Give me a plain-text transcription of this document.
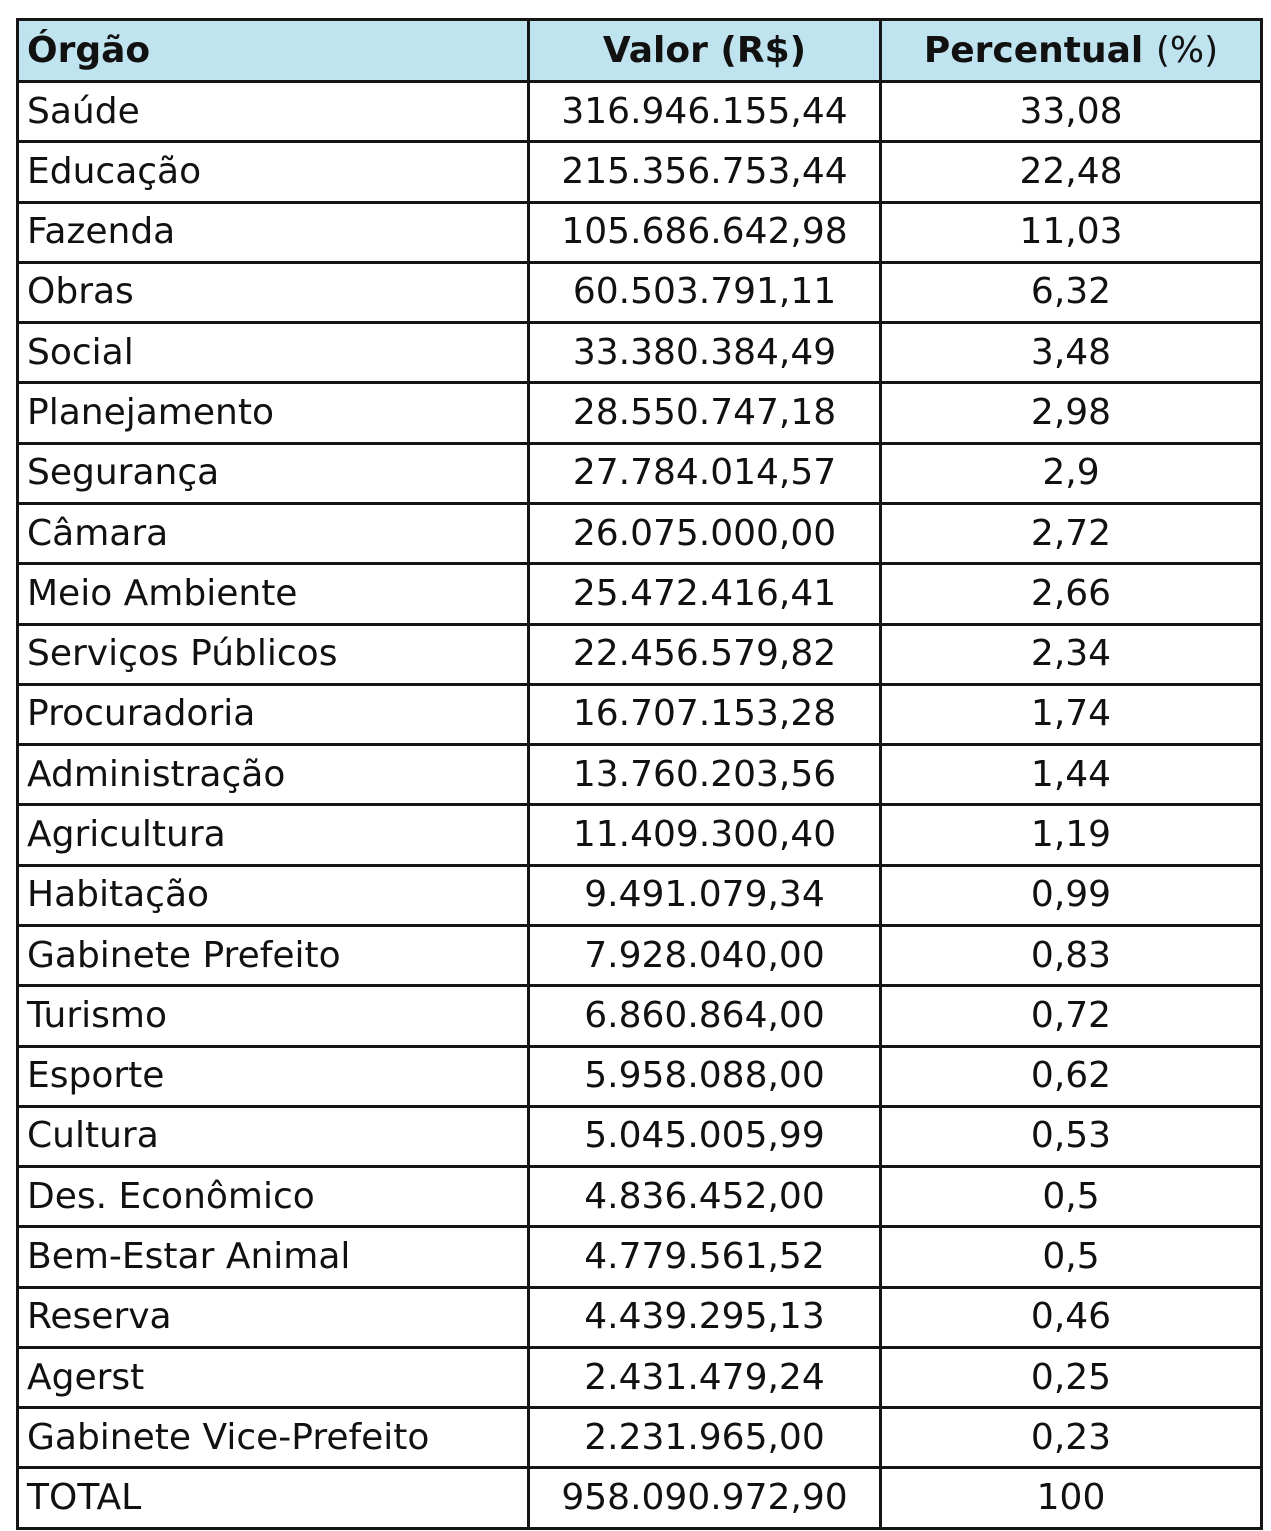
Órgão	Valor (R$)	Percentual (%)
Saúde	316.946.155,44	33,08
Educação	215.356.753,44	22,48
Fazenda	105.686.642,98	11,03
Obras	60.503.791,11	6,32
Social	33.380.384,49	3,48
Planejamento	28.550.747,18	2,98
Segurança	27.784.014,57	2,9
Câmara	26.075.000,00	2,72
Meio Ambiente	25.472.416,41	2,66
Serviços Públicos	22.456.579,82	2,34
Procuradoria	16.707.153,28	1,74
Administração	13.760.203,56	1,44
Agricultura	11.409.300,40	1,19
Habitação	9.491.079,34	0,99
Gabinete Prefeito	7.928.040,00	0,83
Turismo	6.860.864,00	0,72
Esporte	5.958.088,00	0,62
Cultura	5.045.005,99	0,53
Des. Econômico	4.836.452,00	0,5
Bem-Estar Animal	4.779.561,52	0,5
Reserva	4.439.295,13	0,46
Agerst	2.431.479,24	0,25
Gabinete Vice-Prefeito	2.231.965,00	0,23
TOTAL	958.090.972,90	100
